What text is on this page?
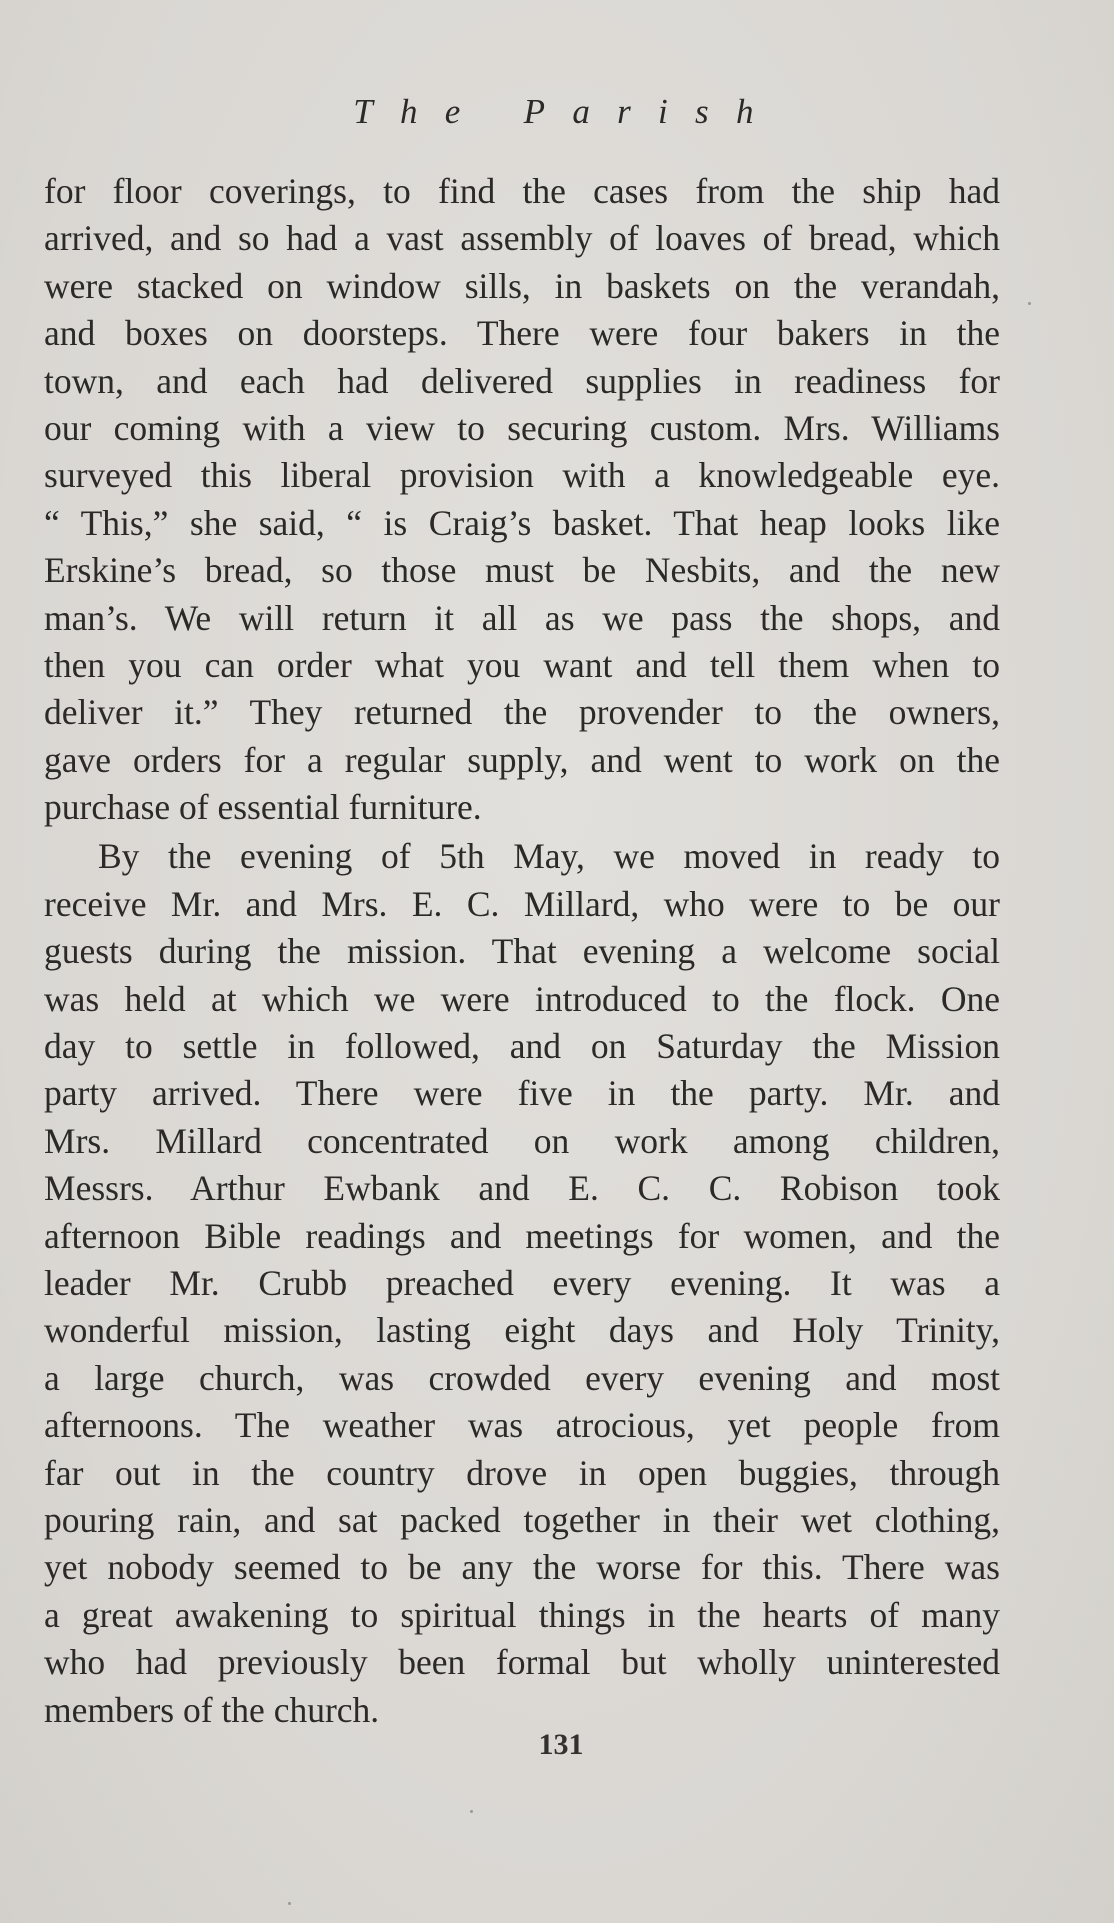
The Parish
for floor coverings, to find the cases from the ship had
arrived, and so had a vast assembly of loaves of bread, which
were stacked on window sills, in baskets on the verandah,
and boxes on doorsteps. There were four bakers in the
town, and each had delivered supplies in readiness for
our coming with a view to securing custom. Mrs. Williams
surveyed this liberal provision with a knowledgeable eye.
“ This,” she said, “ is Craig’s basket. That heap looks like
Erskine’s bread, so those must be Nesbits, and the new
man’s. We will return it all as we pass the shops, and
then you can order what you want and tell them when to
deliver it.” They returned the provender to the owners,
gave orders for a regular supply, and went to work on the
purchase of essential furniture.
By the evening of 5th May, we moved in ready to
receive Mr. and Mrs. E. C. Millard, who were to be our
guests during the mission. That evening a welcome social
was held at which we were introduced to the flock. One
day to settle in followed, and on Saturday the Mission
party arrived. There were five in the party. Mr. and
Mrs. Millard concentrated on work among children,
Messrs. Arthur Ewbank and E. C. C. Robison took
afternoon Bible readings and meetings for women, and the
leader Mr. Crubb preached every evening. It was a
wonderful mission, lasting eight days and Holy Trinity,
a large church, was crowded every evening and most
afternoons. The weather was atrocious, yet people from
far out in the country drove in open buggies, through
pouring rain, and sat packed together in their wet clothing,
yet nobody seemed to be any the worse for this. There was
a great awakening to spiritual things in the hearts of many
who had previously been formal but wholly uninterested
members of the church.
131
